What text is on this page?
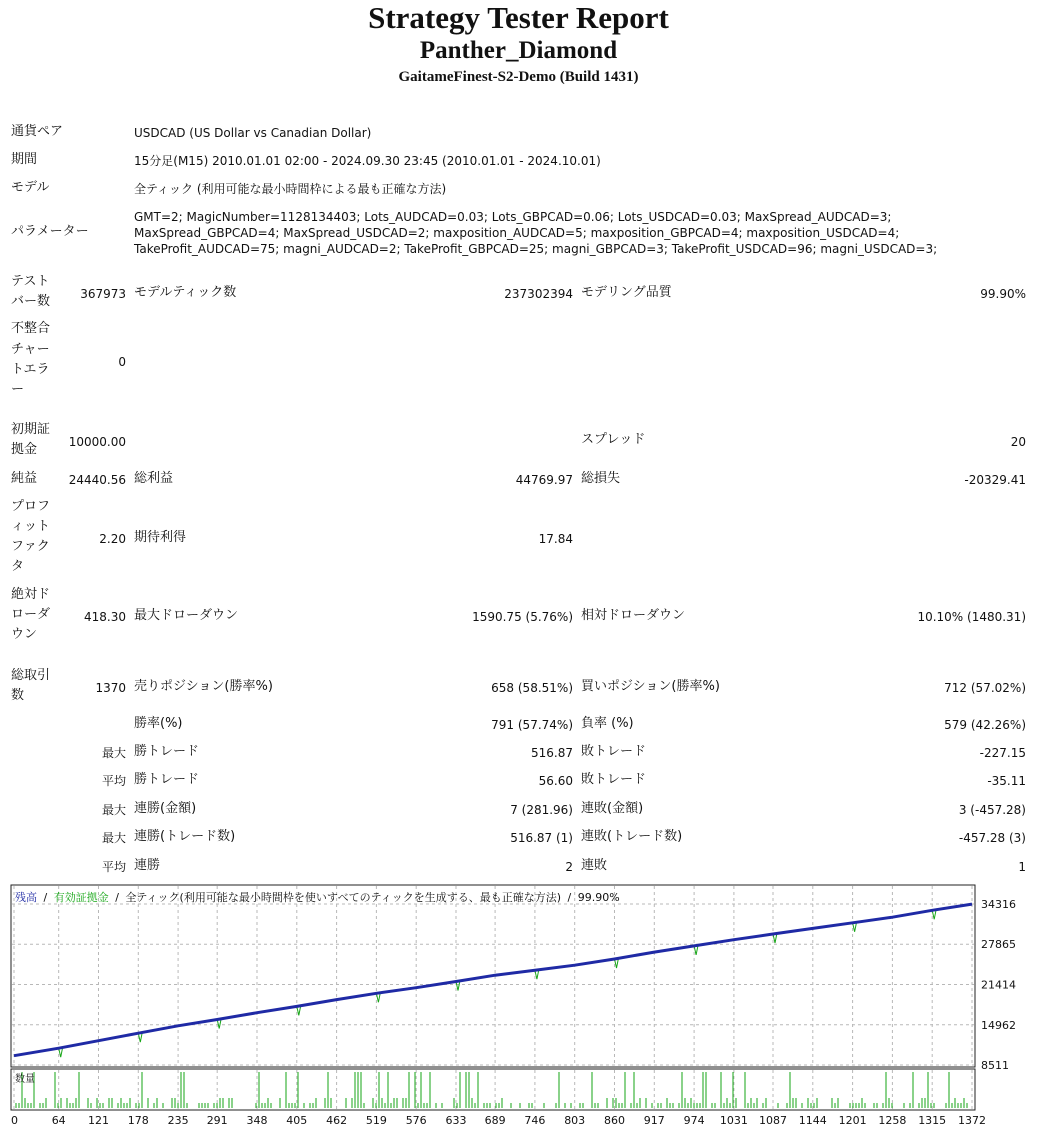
Strategy Tester Report
Panther_Diamond
GaitameFinest-S2-Demo (Build 1431)
通貨ペア	USDCAD (US Dollar vs Canadian Dollar)
期間	15分足(M15) 2010.01.01 02:00 - 2024.09.30 23:45 (2010.01.01 - 2024.10.01)
モデル	全ティック (利用可能な最小時間枠による最も正確な方法)
パラメーター
GMT=2; MagicNumber=1128134403; Lots_AUDCAD=0.03; Lots_GBPCAD=0.06; Lots_USDCAD=0.03; MaxSpread_AUDCAD=3;
MaxSpread_GBPCAD=4; MaxSpread_USDCAD=2; maxposition_AUDCAD=5; maxposition_GBPCAD=4; maxposition_USDCAD=4;
TakeProfit_AUDCAD=75; magni_AUDCAD=2; TakeProfit_GBPCAD=25; magni_GBPCAD=3; TakeProfit_USDCAD=96; magni_USDCAD=3;
テスト
バー数	367973 モデルティック数	237302394 モデリング品質	99.90%
不整合
チャー
トエラ
ー
0
初期証
拠金	10000.00	スプレッド	20
純益	24440.56 総利益	44769.97 総損失	-20329.41
プロフ
ィット
ファク
タ
2.20 期待利得	17.84
絶対ド
ローダ
ウン
418.30 最大ドローダウン	1590.75 (5.76%) 相対ドローダウン	10.10% (1480.31)
総取引
数	1370 売りポジション(勝率%)	658 (58.51%) 買いポジション(勝率%)	712 (57.02%)
勝率(%)	791 (57.74%) 負率 (%)	579 (42.26%)
最大 勝トレード	516.87 敗トレード	-227.15
平均 勝トレード	56.60 敗トレード	-35.11
最大 連勝(金額)	7 (281.96) 連敗(金額)	3 (-457.28)
最大 連勝(トレード数)	516.87 (1) 連敗(トレード数)	-457.28 (3)
平均 連勝	2 連敗	1
34316
27865
21414
14962
8511
0	64 121 178 235 291 348 405 462 519 576 633 689 746 803 860 917 974 1031 1087 1144 1201 1258 1315 1372
残高 / 有効証拠金 / 全ティック(利用可能な最小時間枠を使いすべてのティックを生成する、最も正確な方法) / 99.90%
数量
